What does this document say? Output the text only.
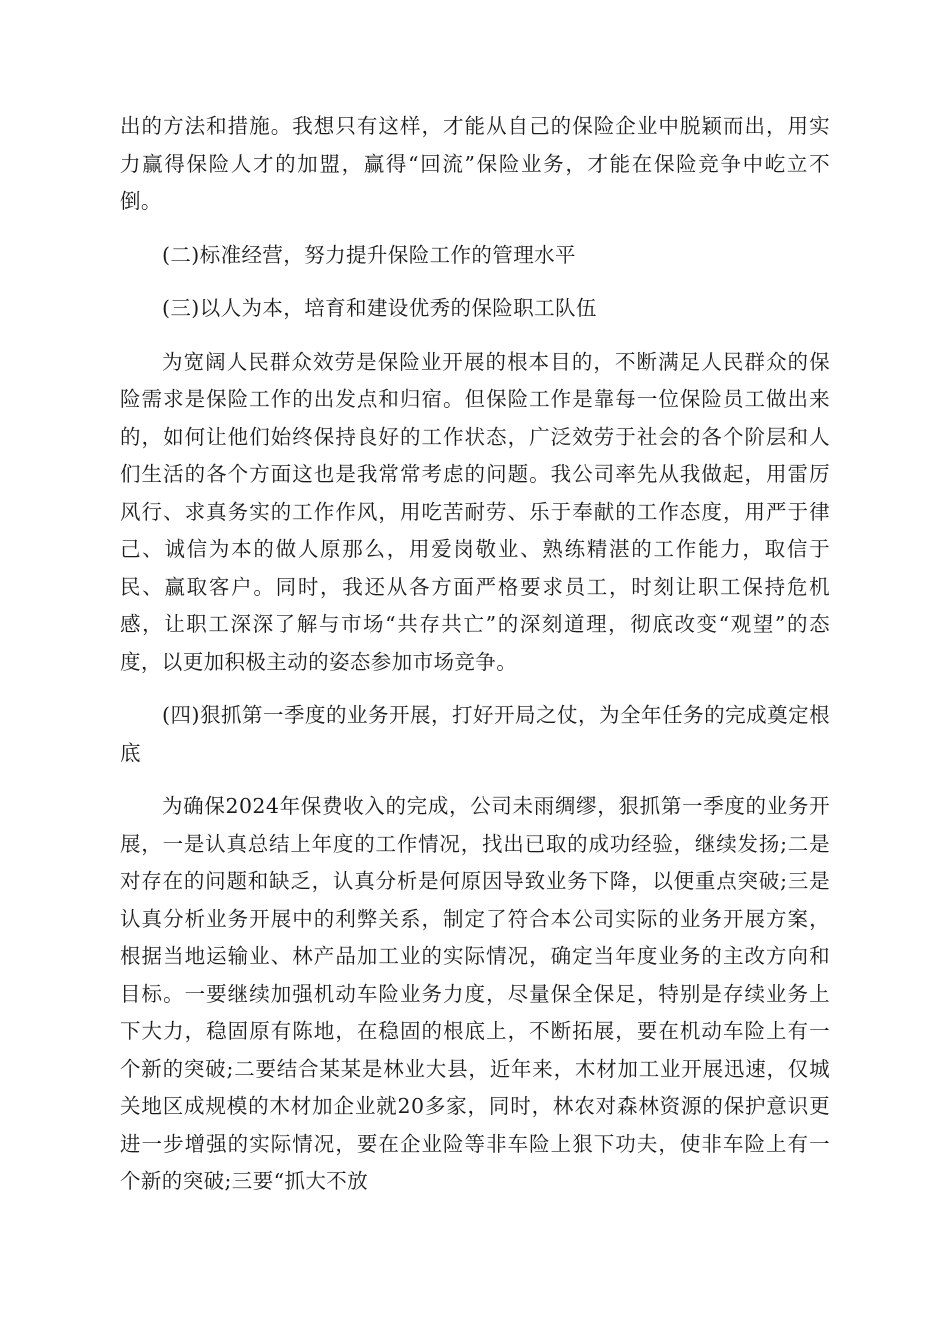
出的方法和措施。我想只有这样，才能从自己的保险企业中脱颖而出，用实力赢得保险人才的加盟，赢得“回流”保险业务，才能在保险竞争中屹立不倒。

(二)标准经营，努力提升保险工作的管理水平

(三)以人为本，培育和建设优秀的保险职工队伍

为宽阔人民群众效劳是保险业开展的根本目的，不断满足人民群众的保险需求是保险工作的出发点和归宿。但保险工作是靠每一位保险员工做出来的，如何让他们始终保持良好的工作状态，广泛效劳于社会的各个阶层和人们生活的各个方面这也是我常常考虑的问题。我公司率先从我做起，用雷厉风行、求真务实的工作作风，用吃苦耐劳、乐于奉献的工作态度，用严于律己、诚信为本的做人原那么，用爱岗敬业、熟练精湛的工作能力，取信于民、赢取客户。同时，我还从各方面严格要求员工，时刻让职工保持危机感，让职工深深了解与市场“共存共亡”的深刻道理，彻底改变“观望”的态度，以更加积极主动的姿态参加市场竞争。

(四)狠抓第一季度的业务开展，打好开局之仗，为全年任务的完成奠定根底

为确保2024年保费收入的完成，公司未雨绸缪，狠抓第一季度的业务开展，一是认真总结上年度的工作情况，找出已取的成功经验，继续发扬;二是对存在的问题和缺乏，认真分析是何原因导致业务下降，以便重点突破;三是认真分析业务开展中的利弊关系，制定了符合本公司实际的业务开展方案，根据当地运输业、林产品加工业的实际情况，确定当年度业务的主改方向和目标。一要继续加强机动车险业务力度，尽量保全保足，特别是存续业务上下大力，稳固原有陈地，在稳固的根底上，不断拓展，要在机动车险上有一个新的突破;二要结合某某是林业大县，近年来，木材加工业开展迅速，仅城关地区成规模的木材加企业就20多家，同时，林农对森林资源的保护意识更进一步增强的实际情况，要在企业险等非车险上狠下功夫，使非车险上有一个新的突破;三要“抓大不放
